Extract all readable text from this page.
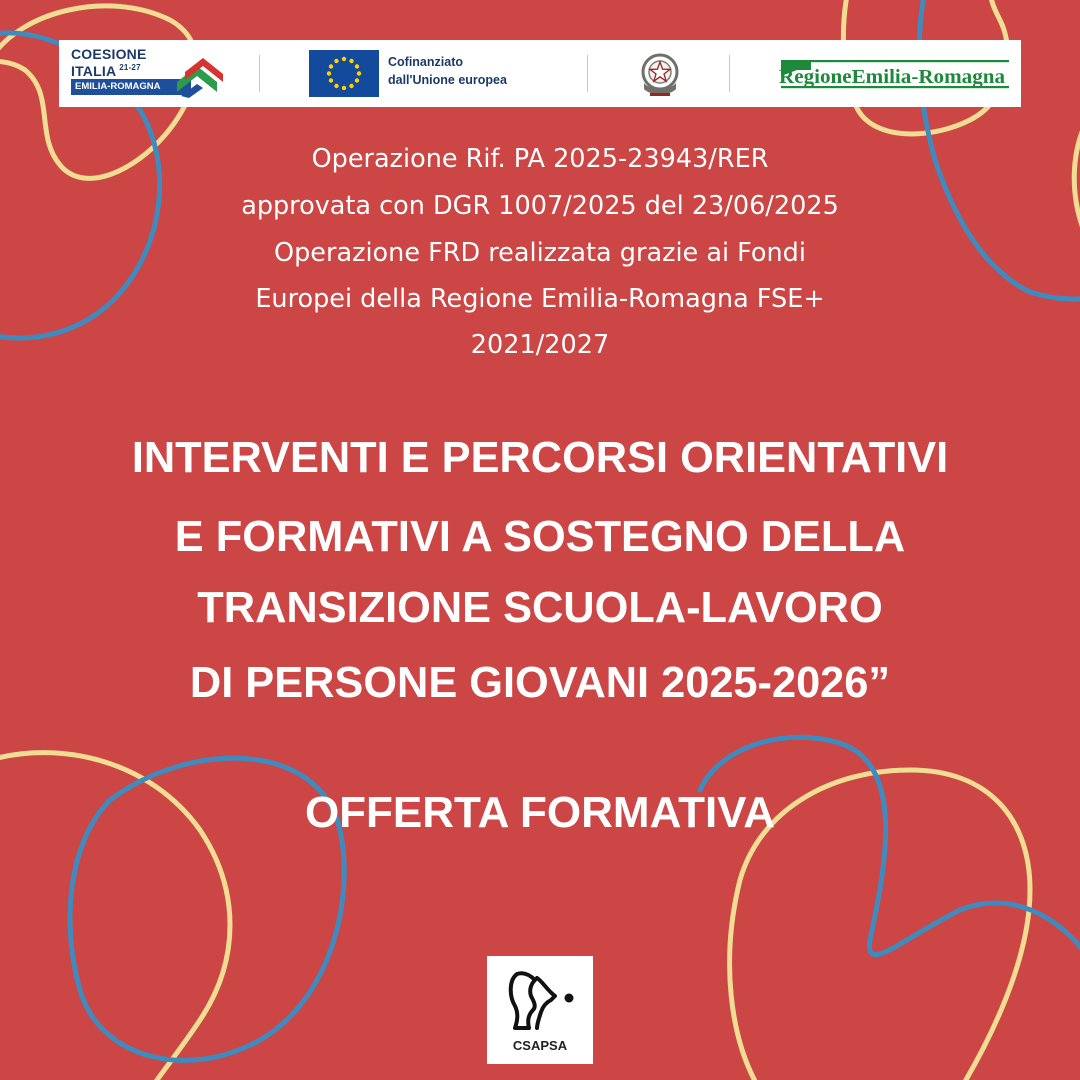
COESIONE
ITALIA $^{21-27}$
EMILIA-ROMAGNA
Cofinanziato
dall'Unione europea	RegioneEmilia-Romagna
Operazione Rif. PA 2025-23943/RER
approvata con DGR 1007/2025 del 23/06/2025
Operazione FRD realizzata grazie ai Fondi
Europei della Regione Emilia-Romagna FSE+
2021/2027
INTERVENTI E PERCORSI ORIENTATIVI
E FORMATIVI A SOSTEGNO DELLA
TRANSIZIONE SCUOLA-LAVORO
DI PERSONE GIOVANI 2025-2026”
OFFERTA FORMATIVA
CSAPSA
